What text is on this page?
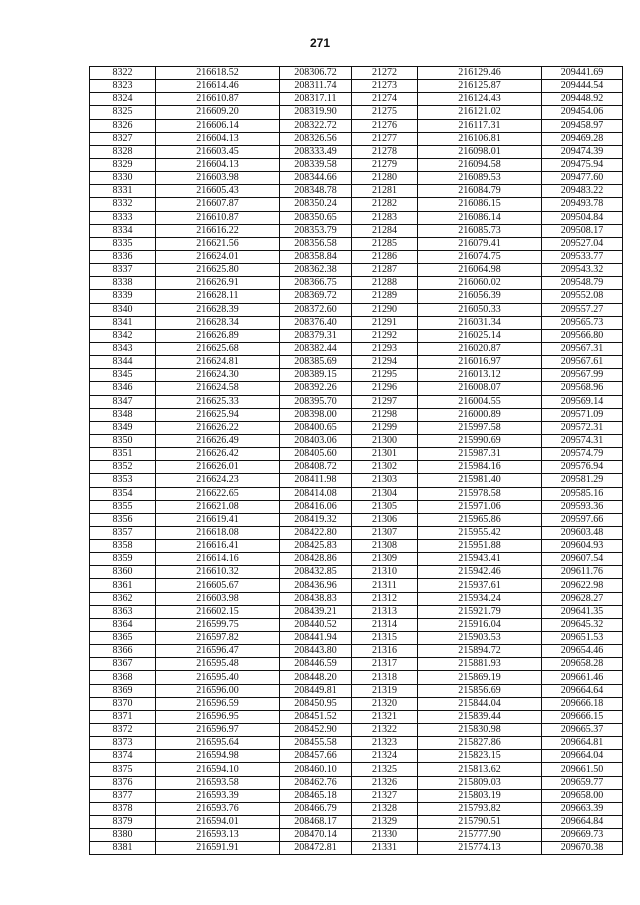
271
8322	216618.52	208306.72	21272	216129.46	209441.69
8323	216614.46	208311.74	21273	216125.87	209444.54
8324	216610.87	208317.11	21274	216124.43	209448.92
8325	216609.20	208319.90	21275	216121.02	209454.06
8326	216606.14	208322.72	21276	216117.31	209458.97
8327	216604.13	208326.56	21277	216106.81	209469.28
8328	216603.45	208333.49	21278	216098.01	209474.39
8329	216604.13	208339.58	21279	216094.58	209475.94
8330	216603.98	208344.66	21280	216089.53	209477.60
8331	216605.43	208348.78	21281	216084.79	209483.22
8332	216607.87	208350.24	21282	216086.15	209493.78
8333	216610.87	208350.65	21283	216086.14	209504.84
8334	216616.22	208353.79	21284	216085.73	209508.17
8335	216621.56	208356.58	21285	216079.41	209527.04
8336	216624.01	208358.84	21286	216074.75	209533.77
8337	216625.80	208362.38	21287	216064.98	209543.32
8338	216626.91	208366.75	21288	216060.02	209548.79
8339	216628.11	208369.72	21289	216056.39	209552.08
8340	216628.39	208372.60	21290	216050.33	209557.27
8341	216628.34	208376.40	21291	216031.34	209565.73
8342	216626.89	208379.31	21292	216025.14	209566.80
8343	216625.68	208382.44	21293	216020.87	209567.31
8344	216624.81	208385.69	21294	216016.97	209567.61
8345	216624.30	208389.15	21295	216013.12	209567.99
8346	216624.58	208392.26	21296	216008.07	209568.96
8347	216625.33	208395.70	21297	216004.55	209569.14
8348	216625.94	208398.00	21298	216000.89	209571.09
8349	216626.22	208400.65	21299	215997.58	209572.31
8350	216626.49	208403.06	21300	215990.69	209574.31
8351	216626.42	208405.60	21301	215987.31	209574.79
8352	216626.01	208408.72	21302	215984.16	209576.94
8353	216624.23	208411.98	21303	215981.40	209581.29
8354	216622.65	208414.08	21304	215978.58	209585.16
8355	216621.08	208416.06	21305	215971.06	209593.36
8356	216619.41	208419.32	21306	215965.86	209597.66
8357	216618.08	208422.80	21307	215955.42	209603.48
8358	216616.41	208425.83	21308	215951.88	209604.93
8359	216614.16	208428.86	21309	215943.41	209607.54
8360	216610.32	208432.85	21310	215942.46	209611.76
8361	216605.67	208436.96	21311	215937.61	209622.98
8362	216603.98	208438.83	21312	215934.24	209628.27
8363	216602.15	208439.21	21313	215921.79	209641.35
8364	216599.75	208440.52	21314	215916.04	209645.32
8365	216597.82	208441.94	21315	215903.53	209651.53
8366	216596.47	208443.80	21316	215894.72	209654.46
8367	216595.48	208446.59	21317	215881.93	209658.28
8368	216595.40	208448.20	21318	215869.19	209661.46
8369	216596.00	208449.81	21319	215856.69	209664.64
8370	216596.59	208450.95	21320	215844.04	209666.18
8371	216596.95	208451.52	21321	215839.44	209666.15
8372	216596.97	208452.90	21322	215830.98	209665.37
8373	216595.64	208455.58	21323	215827.86	209664.81
8374	216594.98	208457.66	21324	215823.15	209664.04
8375	216594.10	208460.10	21325	215813.62	209661.50
8376	216593.58	208462.76	21326	215809.03	209659.77
8377	216593.39	208465.18	21327	215803.19	209658.00
8378	216593.76	208466.79	21328	215793.82	209663.39
8379	216594.01	208468.17	21329	215790.51	209664.84
8380	216593.13	208470.14	21330	215777.90	209669.73
8381	216591.91	208472.81	21331	215774.13	209670.38
